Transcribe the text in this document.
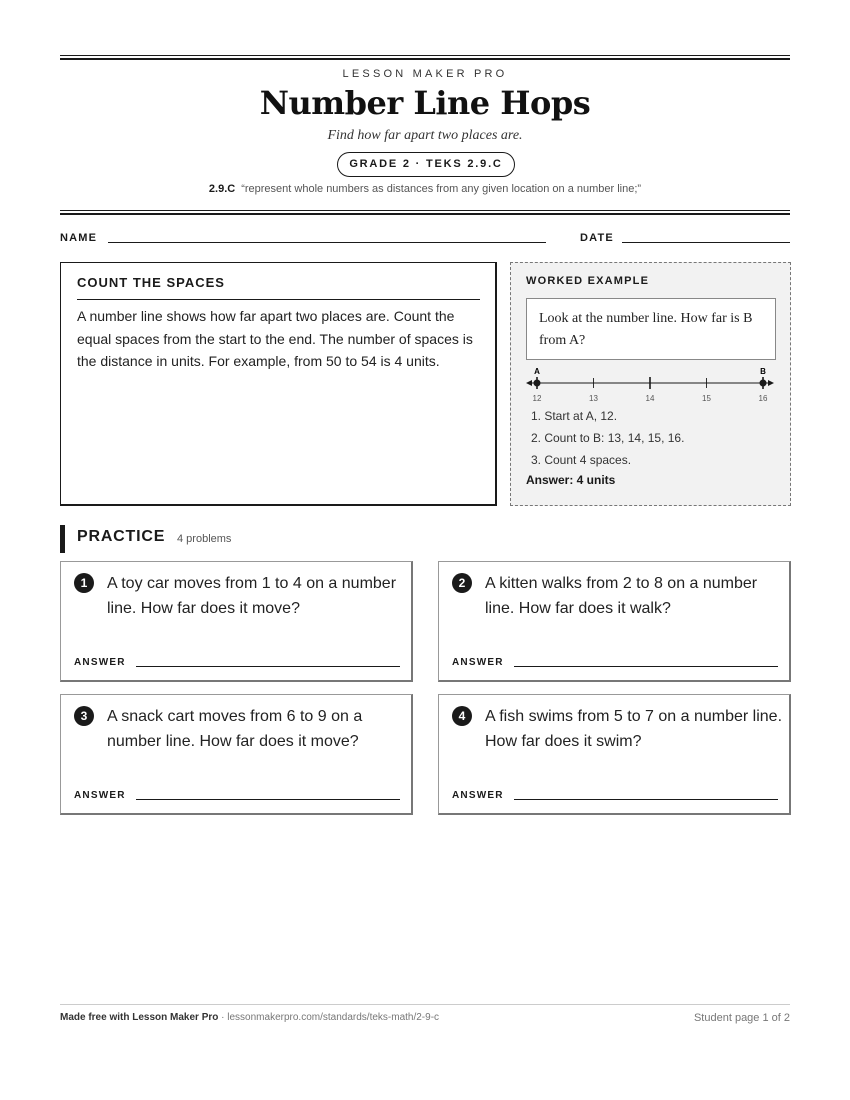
LESSON MAKER PRO
Number Line Hops
Find how far apart two places are.
GRADE 2 · TEKS 2.9.C
2.9.C “represent whole numbers as distances from any given location on a number line;”
NAME	DATE
COUNT THE SPACES
A number line shows how far apart two places are. Count the equal spaces from the start to the end. The number of spaces is the distance in units. For example, from 50 to 54 is 4 units.
WORKED EXAMPLE
Look at the number line. How far is B from A?
12	13	14	15	16
A	B
1. Start at A, 12.
2. Count to B: 13, 14, 15, 16.
3. Count 4 spaces.
Answer: 4 units
PRACTICE 4 problems
1	A toy car moves from 1 to 4 on a number line. How far does it move?
ANSWER
2	A kitten walks from 2 to 8 on a number line. How far does it walk?
ANSWER
3	A snack cart moves from 6 to 9 on a number line. How far does it move?
ANSWER
4	A fish swims from 5 to 7 on a number line. How far does it swim?
ANSWER
Made free with Lesson Maker Pro · lessonmakerpro.com/standards/teks-math/2-9-c	Student page 1 of 2
